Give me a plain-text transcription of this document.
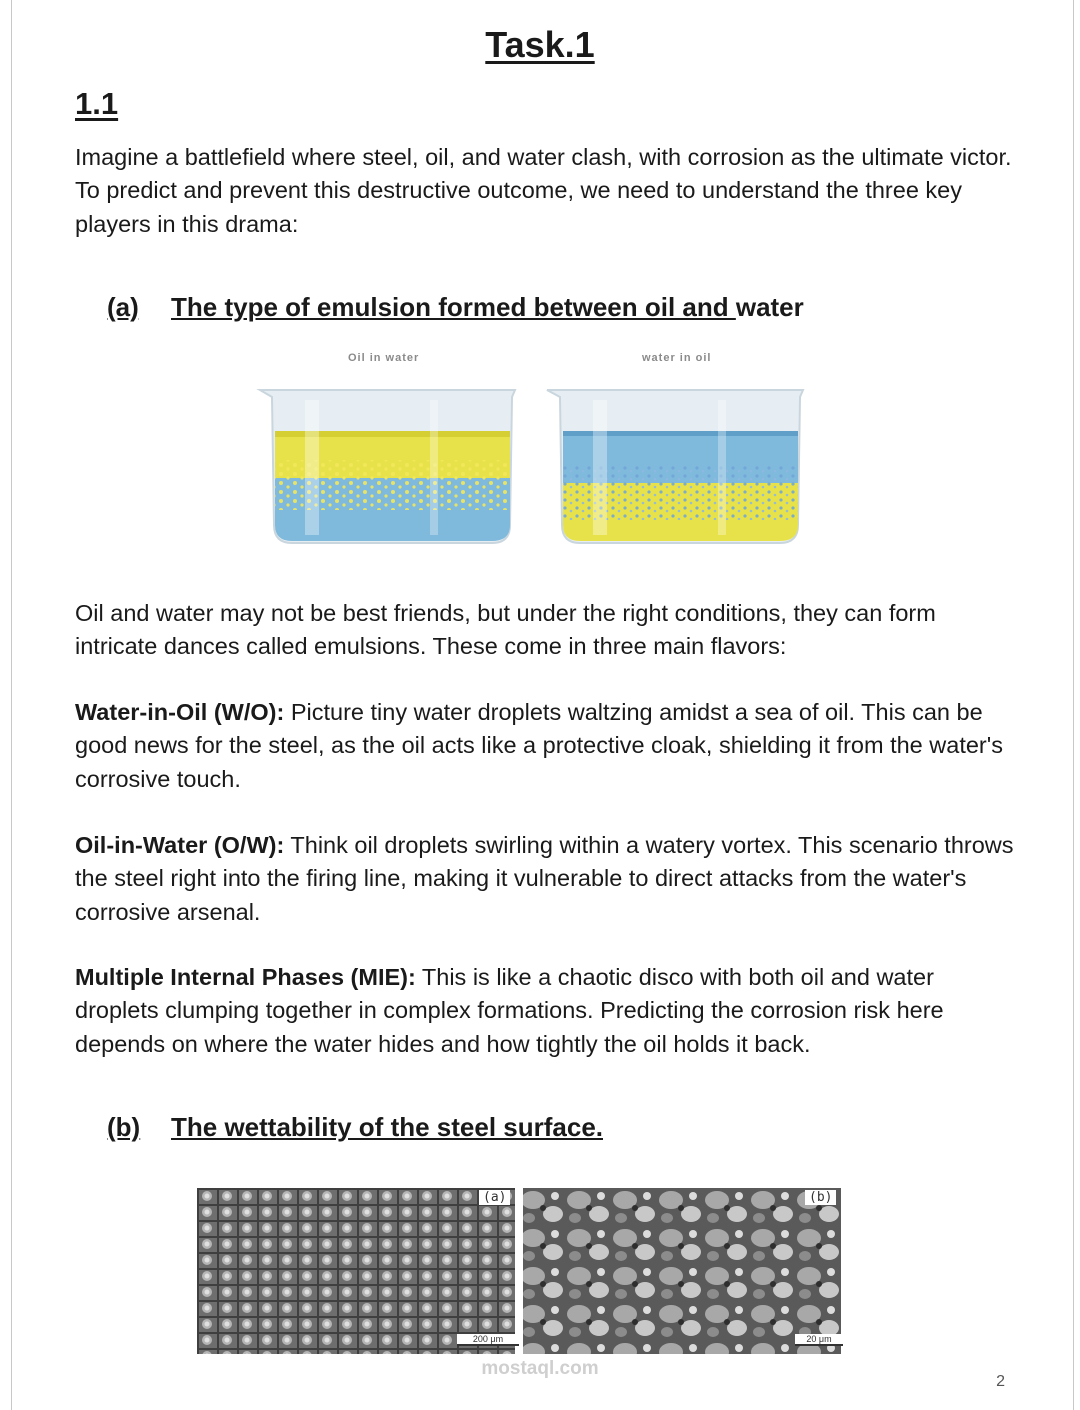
Task.1
1.1

Imagine a battlefield where steel, oil, and water clash, with corrosion as the ultimate victor. To predict and prevent this destructive outcome, we need to understand the three key players in this drama:

(a) The type of emulsion formed between oil and water
Oil in water	water in oil

Oil and water may not be best friends, but under the right conditions, they can form intricate dances called emulsions. These come in three main flavors:

Water-in-Oil (W/O): Picture tiny water droplets waltzing amidst a sea of oil. This can be good news for the steel, as the oil acts like a protective cloak, shielding it from the water's corrosive touch.

Oil-in-Water (O/W): Think oil droplets swirling within a watery vortex. This scenario throws the steel right into the firing line, making it vulnerable to direct attacks from the water's corrosive arsenal.

Multiple Internal Phases (MIE): This is like a chaotic disco with both oil and water droplets clumping together in complex formations. Predicting the corrosion risk here depends on where the water hides and how tightly the oil holds it back.

(b) The wettability of the steel surface.
(a)	(b)
200 μm	20 μm
mostaql.com
2
